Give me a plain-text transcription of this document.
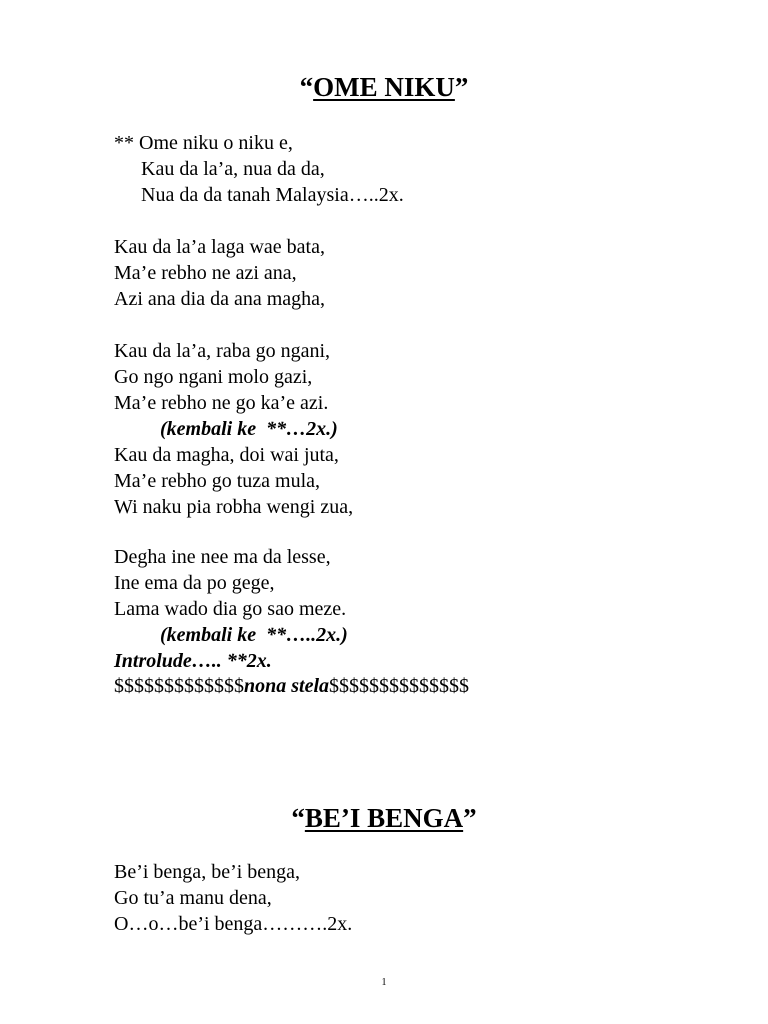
“OME NIKU”
** Ome niku o niku e,
Kau da la’a, nua da da,
Nua da da tanah Malaysia…..2x.
Kau da la’a laga wae bata,
Ma’e rebho ne azi ana,
Azi ana dia da ana magha,
Kau da la’a, raba go ngani,
Go ngo ngani molo gazi,
Ma’e rebho ne go ka’e azi.
(kembali ke  **…2x.)
Kau da magha, doi wai juta,
Ma’e rebho go tuza mula,
Wi naku pia robha wengi zua,
Degha ine nee ma da lesse,
Ine ema da po gege,
Lama wado dia go sao meze.
(kembali ke  **…..2x.)
Introlude….. **2x.
$$$$$$$$$$$$$nona stela$$$$$$$$$$$$$$
“BE’I BENGA”
Be’i benga, be’i benga,
Go tu’a manu dena,
O…o…be’i benga……….2x.
1
